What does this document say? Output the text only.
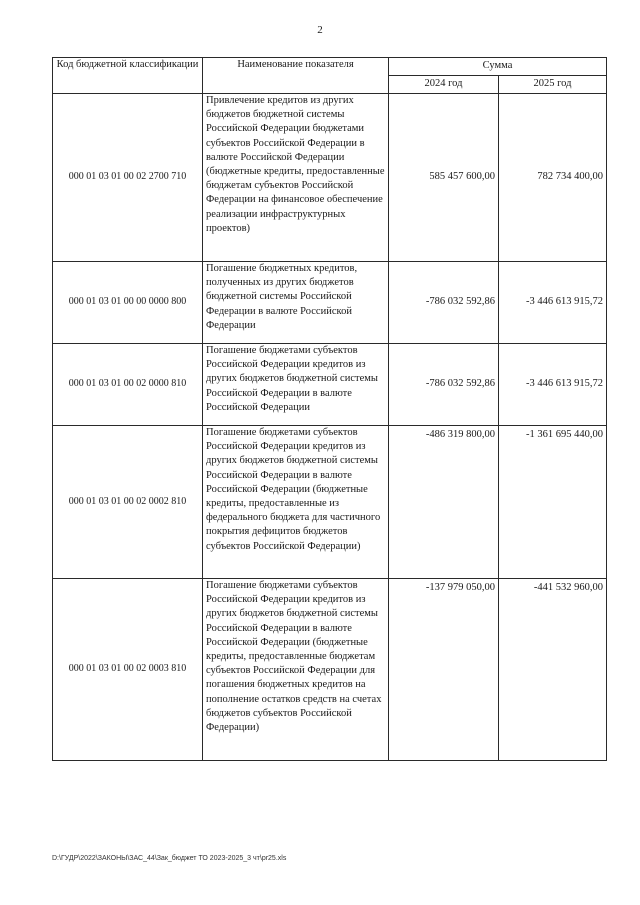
2
Код бюджетной классификации	Наименование показателя	Сумма	
		2024 год	2025 год
000 01 03 01 00 02 2700 710	Привлечение кредитов из других бюджетов бюджетной системы Российской Федерации бюджетами субъектов Российской Федерации в валюте Российской Федерации (бюджетные кредиты, предоставленные бюджетам субъектов Российской Федерации на финансовое обеспечение реализации инфраструктурных проектов)	585 457 600,00	782 734 400,00
000 01 03 01 00 00 0000 800	Погашение бюджетных кредитов, полученных из других бюджетов бюджетной системы Российской Федерации в валюте Российской Федерации	-786 032 592,86	-3 446 613 915,72
000 01 03 01 00 02 0000 810	Погашение бюджетами субъектов Российской Федерации кредитов из других бюджетов бюджетной системы Российской Федерации в валюте Российской Федерации	-786 032 592,86	-3 446 613 915,72
000 01 03 01 00 02 0002 810	Погашение бюджетами субъектов Российской Федерации кредитов из других бюджетов бюджетной системы Российской Федерации в валюте Российской Федерации (бюджетные кредиты, предоставленные из федерального бюджета для частичного покрытия дефицитов бюджетов субъектов Российской Федерации)	-486 319 800,00	-1 361 695 440,00
000 01 03 01 00 02 0003 810	Погашение бюджетами субъектов Российской Федерации кредитов из других бюджетов бюджетной системы Российской Федерации в валюте Российской Федерации (бюджетные кредиты, предоставленные бюджетам субъектов Российской Федерации для погашения бюджетных кредитов на пополнение остатков средств на счетах бюджетов субъектов Российской Федерации)	-137 979 050,00	-441 532 960,00
D:\ГУДР\2022\ЗАКОНЫ\ЗАС_44\Зак_бюджет ТО 2023-2025_3 чт\pr25.xls
